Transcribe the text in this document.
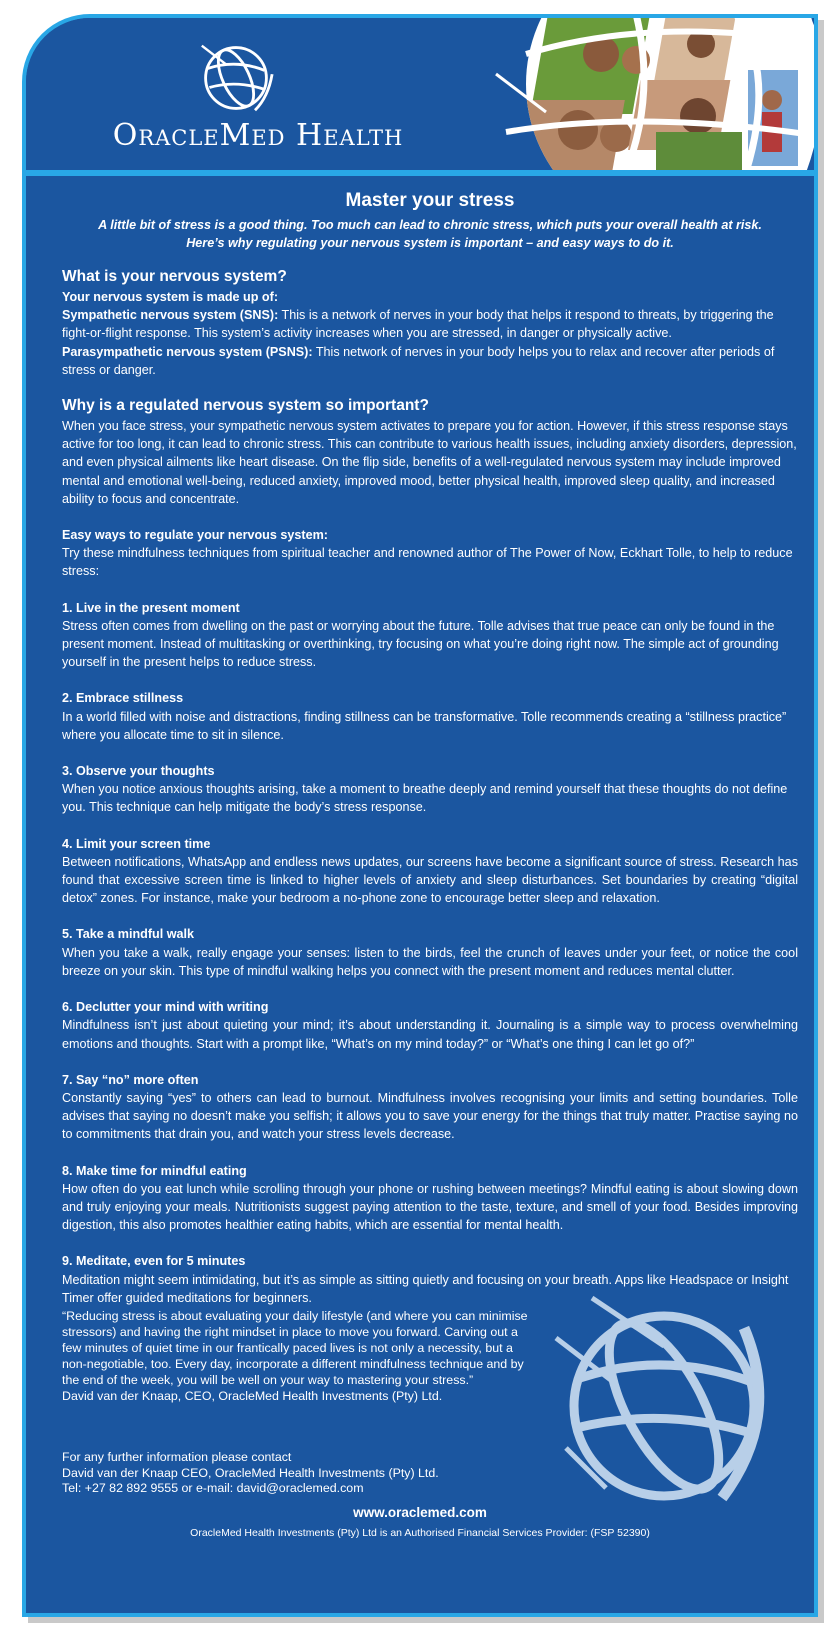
OracleMed Health
Master your stress

A little bit of stress is a good thing. Too much can lead to chronic stress, which puts your overall health at risk.

Here’s why regulating your nervous system is important – and easy ways to do it.

What is your nervous system?

Your nervous system is made up of:

Sympathetic nervous system (SNS): This is a network of nerves in your body that helps it respond to threats, by triggering the fight-or-flight response. This system’s activity increases when you are stressed, in danger or physically active.

Parasympathetic nervous system (PSNS): This network of nerves in your body helps you to relax and recover after periods of stress or danger.

Why is a regulated nervous system so important?

When you face stress, your sympathetic nervous system activates to prepare you for action. However, if this stress response stays active for too long, it can lead to chronic stress. This can contribute to various health issues, including anxiety disorders, depression, and even physical ailments like heart disease. On the flip side, benefits of a well-regulated nervous system may include improved mental and emotional well-being, reduced anxiety, improved mood, better physical health, improved sleep quality, and increased ability to focus and concentrate.

Easy ways to regulate your nervous system:

Try these mindfulness techniques from spiritual teacher and renowned author of The Power of Now, Eckhart Tolle, to help to reduce stress:

1. Live in the present moment

Stress often comes from dwelling on the past or worrying about the future. Tolle advises that true peace can only be found in the present moment. Instead of multitasking or overthinking, try focusing on what you’re doing right now. The simple act of grounding yourself in the present helps to reduce stress.

2. Embrace stillness

In a world filled with noise and distractions, finding stillness can be transformative. Tolle recommends creating a “stillness practice” where you allocate time to sit in silence.

3. Observe your thoughts

When you notice anxious thoughts arising, take a moment to breathe deeply and remind yourself that these thoughts do not define you. This technique can help mitigate the body’s stress response.

4. Limit your screen time

Between notifications, WhatsApp and endless news updates, our screens have become a significant source of stress. Research has found that excessive screen time is linked to higher levels of anxiety and sleep disturbances. Set boundaries by creating “digital detox” zones. For instance, make your bedroom a no-phone zone to encourage better sleep and relaxation.

5. Take a mindful walk

When you take a walk, really engage your senses: listen to the birds, feel the crunch of leaves under your feet, or notice the cool breeze on your skin. This type of mindful walking helps you connect with the present moment and reduces mental clutter.

6. Declutter your mind with writing

Mindfulness isn’t just about quieting your mind; it’s about understanding it. Journaling is a simple way to process overwhelming emotions and thoughts. Start with a prompt like, “What’s on my mind today?” or “What’s one thing I can let go of?”

7. Say “no” more often

Constantly saying “yes” to others can lead to burnout. Mindfulness involves recognising your limits and setting boundaries. Tolle advises that saying no doesn’t make you selfish; it allows you to save your energy for the things that truly matter. Practise saying no to commitments that drain you, and watch your stress levels decrease.

8. Make time for mindful eating

How often do you eat lunch while scrolling through your phone or rushing between meetings? Mindful eating is about slowing down and truly enjoying your meals. Nutritionists suggest paying attention to the taste, texture, and smell of your food. Besides improving digestion, this also promotes healthier eating habits, which are essential for mental health.

9. Meditate, even for 5 minutes

Meditation might seem intimidating, but it’s as simple as sitting quietly and focusing on your breath. Apps like Headspace or Insight Timer offer guided meditations for beginners.

“Reducing stress is about evaluating your daily lifestyle (and where you can minimise stressors) and having the right mindset in place to move you forward. Carving out a few minutes of quiet time in our frantically paced lives is not only a necessity, but a non-negotiable, too. Every day, incorporate a different mindfulness technique and by the end of the week, you will be well on your way to mastering your stress.”

David van der Knaap, CEO, OracleMed Health Investments (Pty) Ltd.

For any further information please contact

David van der Knaap CEO, OracleMed Health Investments (Pty) Ltd.

Tel: +27 82 892 9555 or e-mail: david@oraclemed.com

www.oraclemed.com

OracleMed Health Investments (Pty) Ltd is an Authorised Financial Services Provider: (FSP 52390)
